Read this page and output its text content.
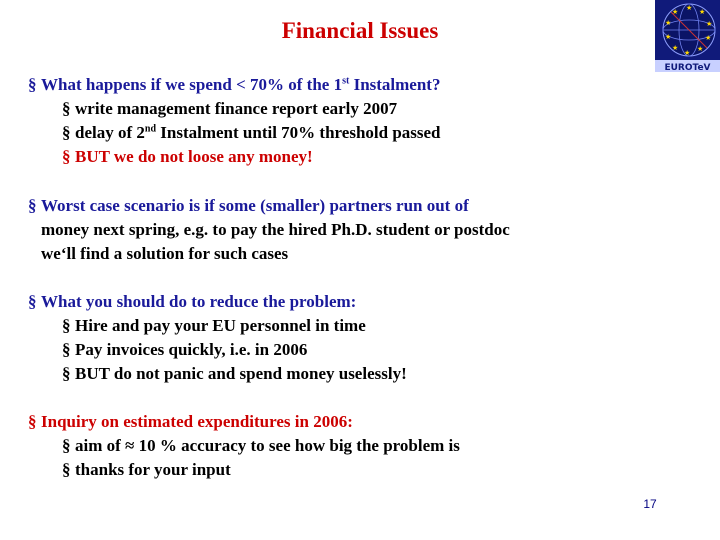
Financial Issues
★ ★
★
★
★
★
★
★
★
★
EUROTeV
§ What happens if we spend < 70% of the 1st Instalment?
§ write management finance report early 2007
§ delay of 2nd Instalment until 70% threshold passed
§ BUT we do not loose any money!
§ Worst case scenario is if some (smaller) partners run out of
money next spring, e.g. to pay the hired Ph.D. student or postdoc
we‘ll find a solution for such cases
§ What you should do to reduce the problem:
§ Hire and pay your EU personnel in time
§ Pay invoices quickly, i.e. in 2006
§ BUT do not panic and spend money uselessly!
§ Inquiry on estimated expenditures in 2006:
§ aim of ≈ 10 % accuracy to see how big the problem is
§ thanks for your input
17
